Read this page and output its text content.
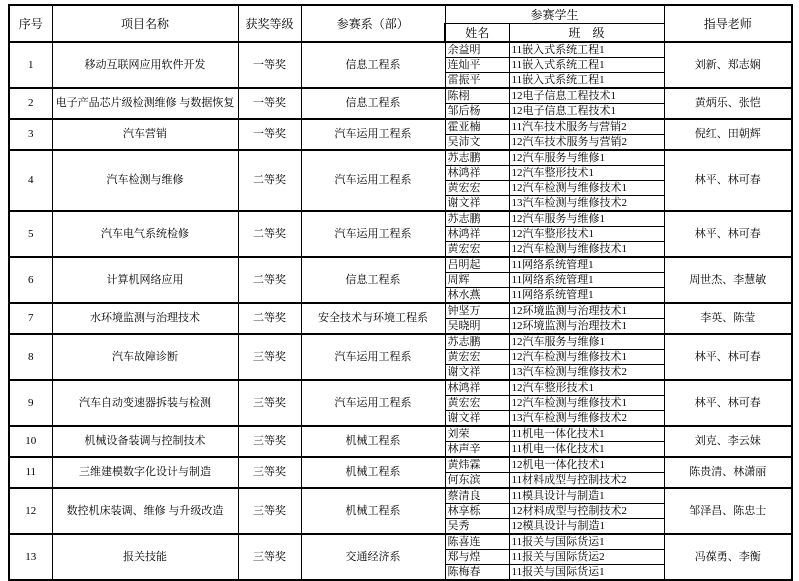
序号	项目名称	获奖等级	参赛系（部）	参赛学生		指导老师
				姓名	班　级	
1	移动互联网应用软件开发	一等奖	信息工程系	余益明	11嵌入式系统工程1	刘新、郑志娴
				连灿平	11嵌入式系统工程1	
				雷振平	11嵌入式系统工程1	
2	电子产品芯片级检测维修 与数据恢复	一等奖	信息工程系	陈栩	12电子信息工程技术1	黄炳乐、张恺
				邹后杨	12电子信息工程技术1	
3	汽车营销	一等奖	汽车运用工程系	霍亚楠	11汽车技术服务与营销2	倪红、田朝辉
				吴沛文	12汽车技术服务与营销2	
4	汽车检测与维修	二等奖	汽车运用工程系	苏志鹏	12汽车服务与维修1	林平、林可春
				林鸿祥	12汽车整形技术1	
				黄宏宏	12汽车检测与维修技术1	
				谢文祥	13汽车检测与维修技术2	
5	汽车电气系统检修	二等奖	汽车运用工程系	苏志鹏	12汽车服务与维修1	林平、林可春
				林鸿祥	12汽车整形技术1	
				黄宏宏	12汽车检测与维修技术1	
6	计算机网络应用	二等奖	信息工程系	吕明起	11网络系统管理1	周世杰、李慧敏
				周辉	11网络系统管理1	
				林水燕	11网络系统管理1	
7	水环境监测与治理技术	二等奖	安全技术与环境工程系	钟坚万	12环境监测与治理技术1	李英、陈莹
				吴晓明	12环境监测与治理技术1	
8	汽车故障诊断	三等奖	汽车运用工程系	苏志鹏	12汽车服务与维修1	林平、林可春
				黄宏宏	12汽车检测与维修技术1	
				谢文祥	13汽车检测与维修技术2	
9	汽车自动变速器拆装与检测	三等奖	汽车运用工程系	林鸿祥	12汽车整形技术1	林平、林可春
				黄宏宏	12汽车检测与维修技术1	
				谢文祥	13汽车检测与维修技术2	
10	机械设备装调与控制技术	三等奖	机械工程系	刘荣	11机电一体化技术1	刘克、李云妹
				林声辛	11机电一体化技术1	
11	三维建模数字化设计与制造	三等奖	机械工程系	黄炜霖	12机电一体化技术1	陈贵清、林潇丽
				何东滨	11材料成型与控制技术2	
12	数控机床装调、维修 与升级改造	三等奖	机械工程系	蔡清良	11模具设计与制造1	邹泽昌、陈忠士
				林享栎	12材料成型与控制技术2	
				吴秀	12模具设计与制造1	
13	报关技能	三等奖	交通经济系	陈喜连	11报关与国际货运1	冯葆勇、李衡
				郑与煌	11报关与国际货运2	
				陈梅春	11报关与国际货运1	
